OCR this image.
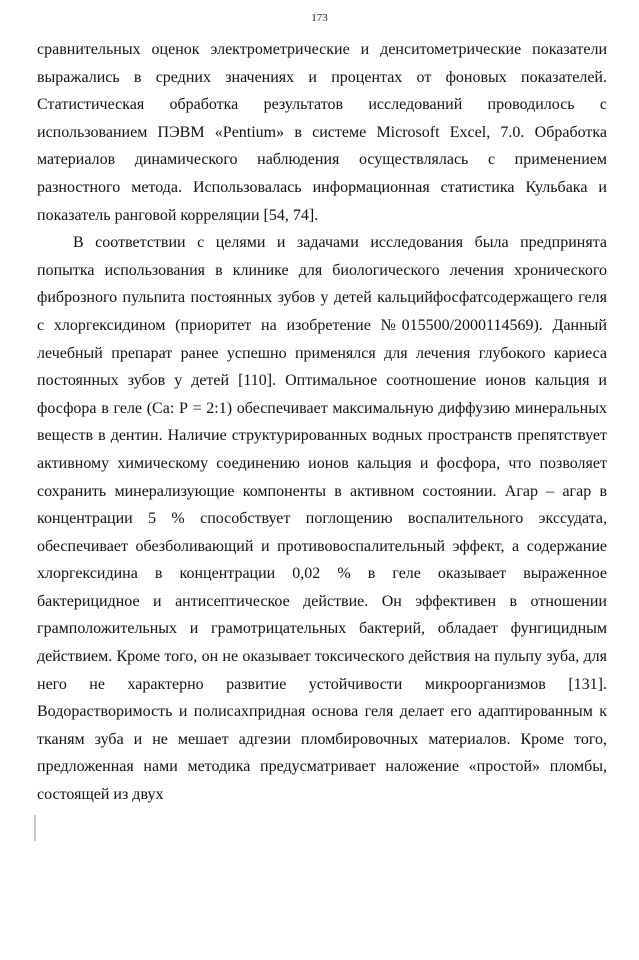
173

сравнительных оценок электрометрические и денситометрические показатели выражались в средних значениях и процентах от фоновых показателей. Статистическая обработка результатов исследований проводилось с использованием ПЭВМ «Pentium» в системе Microsoft Excel, 7.0. Обработка материалов динамического наблюдения осуществлялась с применением разностного метода. Использовалась информационная статистика Кульбака и показатель ранговой корреляции [54, 74].

В соответствии с целями и задачами исследования была предпринята попытка использования в клинике для биологического лечения хронического фиброзного пульпита постоянных зубов у детей кальцийфосфатсодержащего геля с хлоргексидином (приоритет на изобретение №015500/2000114569). Данный лечебный препарат ранее успешно применялся для лечения глубокого кариеса постоянных зубов у детей [110]. Оптимальное соотношение ионов кальция и фосфора в геле (Са: Р = 2:1) обеспечивает максимальную диффузию минеральных веществ в дентин. Наличие структурированных водных пространств препятствует активному химическому соединению ионов кальция и фосфора, что позволяет сохранить минерализующие компоненты в активном состоянии. Агар – агар в концентрации 5 % способствует поглощению воспалительного экссудата, обеспечивает обезболивающий и противовоспалительный эффект, а содержание хлоргексидина в концентрации 0,02 % в геле оказывает выраженное бактерицидное и антисептическое действие. Он эффективен в отношении грамположительных и грамотрицательных бактерий, обладает фунгицидным действием. Кроме того, он не оказывает токсического действия на пульпу зуба, для него не характерно развитие устойчивости микроорганизмов [131]. Водорастворимость и полисахпридная основа геля делает его адаптированным к тканям зуба и не мешает адгезии пломбировочных материалов. Кроме того, предложенная нами методика предусматривает наложение «простой» пломбы, состоящей из двух
